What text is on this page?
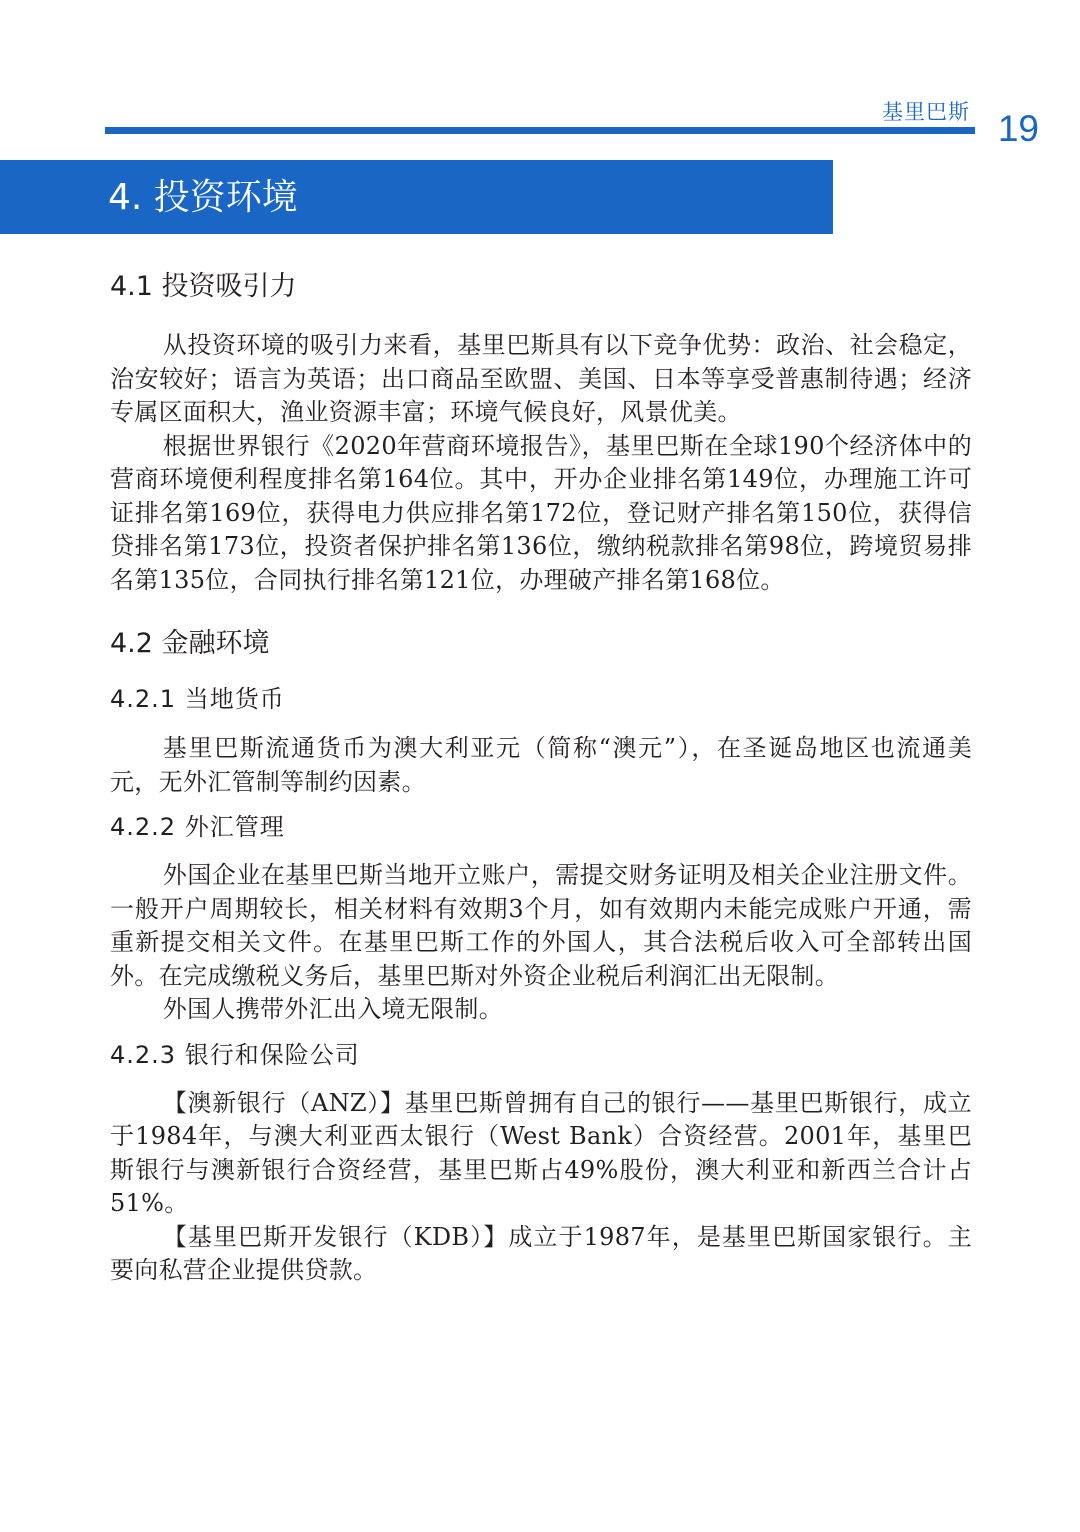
基里巴斯 19
4. 投资环境
4.1 投资吸引力

从投资环境的吸引力来看，基里巴斯具有以下竞争优势：政治、社会稳定，治安较好；语言为英语；出口商品至欧盟、美国、日本等享受普惠制待遇；经济专属区面积大，渔业资源丰富；环境气候良好，风景优美。

根据世界银行《2020年营商环境报告》，基里巴斯在全球190个经济体中的营商环境便利程度排名第164位。其中，开办企业排名第149位，办理施工许可证排名第169位，获得电力供应排名第172位，登记财产排名第150位，获得信贷排名第173位，投资者保护排名第136位，缴纳税款排名第98位，跨境贸易排名第135位，合同执行排名第121位，办理破产排名第168位。

4.2 金融环境
4.2.1 当地货币

基里巴斯流通货币为澳大利亚元（简称“澳元”），在圣诞岛地区也流通美元，无外汇管制等制约因素。

4.2.2 外汇管理

外国企业在基里巴斯当地开立账户，需提交财务证明及相关企业注册文件。一般开户周期较长，相关材料有效期3个月，如有效期内未能完成账户开通，需重新提交相关文件。在基里巴斯工作的外国人，其合法税后收入可全部转出国外。在完成缴税义务后，基里巴斯对外资企业税后利润汇出无限制。

外国人携带外汇出入境无限制。

4.2.3 银行和保险公司

【澳新银行（ANZ）】基里巴斯曾拥有自己的银行——基里巴斯银行，成立于1984年，与澳大利亚西太银行（West Bank）合资经营。2001年，基里巴斯银行与澳新银行合资经营，基里巴斯占49%股份，澳大利亚和新西兰合计占51%。

【基里巴斯开发银行（KDB）】成立于1987年，是基里巴斯国家银行。主要向私营企业提供贷款。
